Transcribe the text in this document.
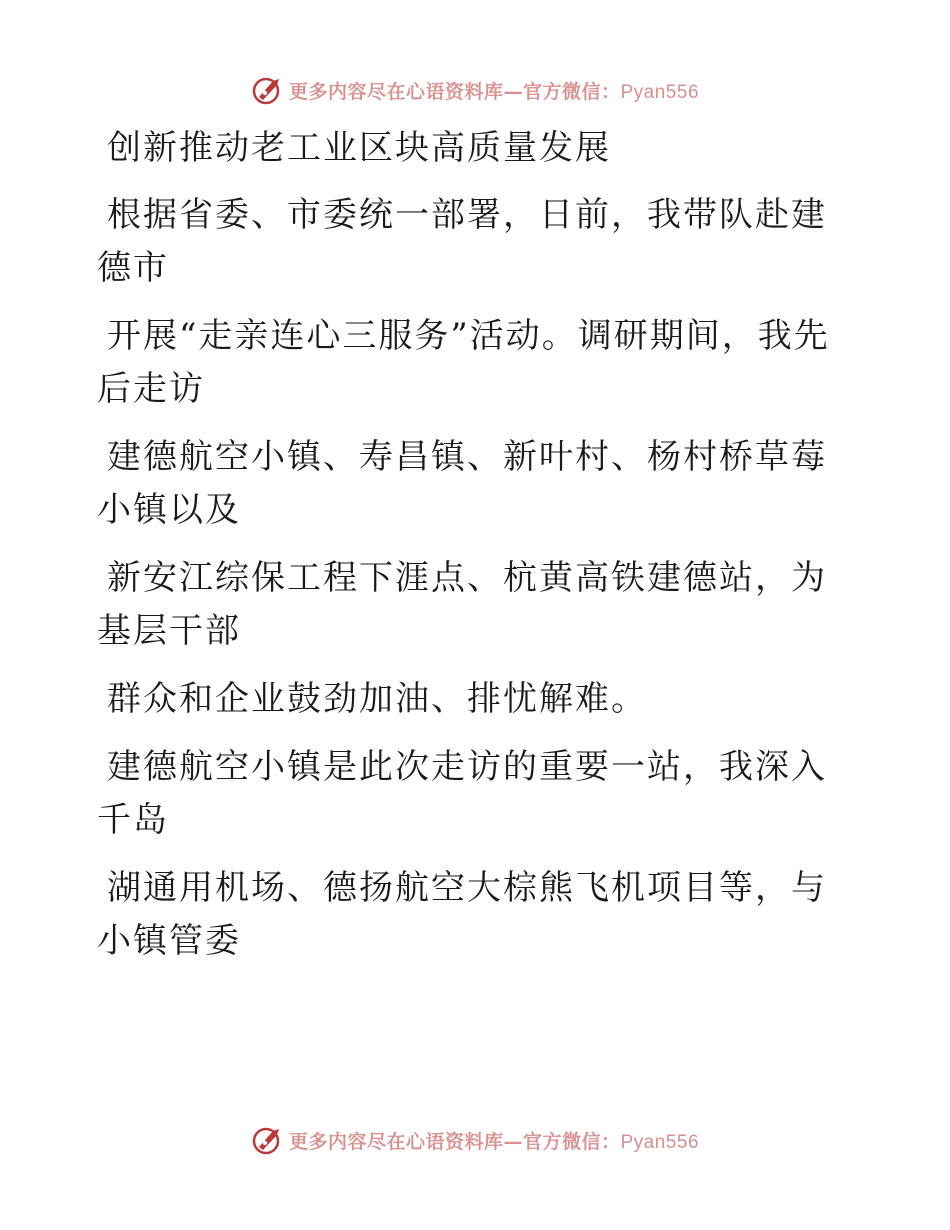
更多内容尽在心语资料库—官方微信：Pyan556

创新推动老工业区块高质量发展

根据省委、市委统一部署，日前，我带队赴建德市

开展“走亲连心三服务”活动。调研期间，我先后走访

建德航空小镇、寿昌镇、新叶村、杨村桥草莓小镇以及

新安江综保工程下涯点、杭黄高铁建德站，为基层干部

群众和企业鼓劲加油、排忧解难。

建德航空小镇是此次走访的重要一站，我深入千岛

湖通用机场、德扬航空大棕熊飞机项目等，与小镇管委

更多内容尽在心语资料库—官方微信：Pyan556
